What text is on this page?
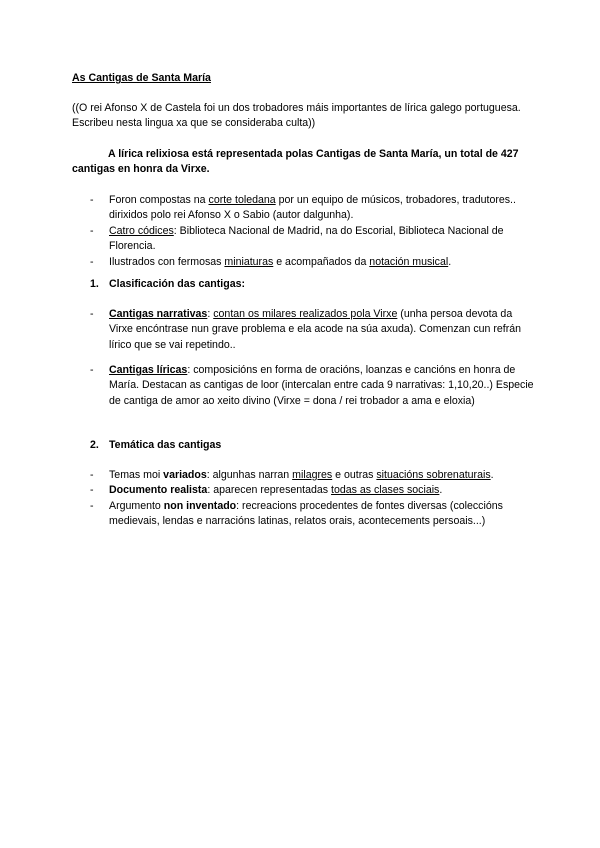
As Cantigas de Santa María
((O rei Afonso X de Castela foi un dos trobadores máis importantes de lírica galego portuguesa. Escribeu nesta lingua xa que se consideraba culta))
A lírica relixiosa está representada polas Cantigas de Santa María, un total de 427 cantigas en honra da Virxe.
- Foron compostas na corte toledana por un equipo de músicos, trobadores, tradutores.. dirixidos polo rei Afonso X o Sabio (autor dalgunha).
- Catro códices: Biblioteca Nacional de Madrid, na do Escorial, Biblioteca Nacional de Florencia.
- Ilustrados con fermosas miniaturas e acompañados da notación musical.
1. Clasificación das cantigas:
- Cantigas narrativas: contan os milares realizados pola Virxe (unha persoa devota da Virxe encóntrase nun grave problema e ela acode na súa axuda). Comenzan cun refrán lírico que se vai repetindo..
- Cantigas líricas: composicións en forma de oracións, loanzas e cancións en honra de María. Destacan as cantigas de loor (intercalan entre cada 9 narrativas: 1,10,20..) Especie de cantiga de amor ao xeito divino (Virxe = dona / rei trobador a ama e eloxia)
2. Temática das cantigas
- Temas moi variados: algunhas narran milagres e outras situacións sobrenaturais.
- Documento realista: aparecen representadas todas as clases sociais.
- Argumento non inventado: recreacions procedentes de fontes diversas (coleccións medievais, lendas e narracións latinas, relatos orais, acontecements persoais...)
